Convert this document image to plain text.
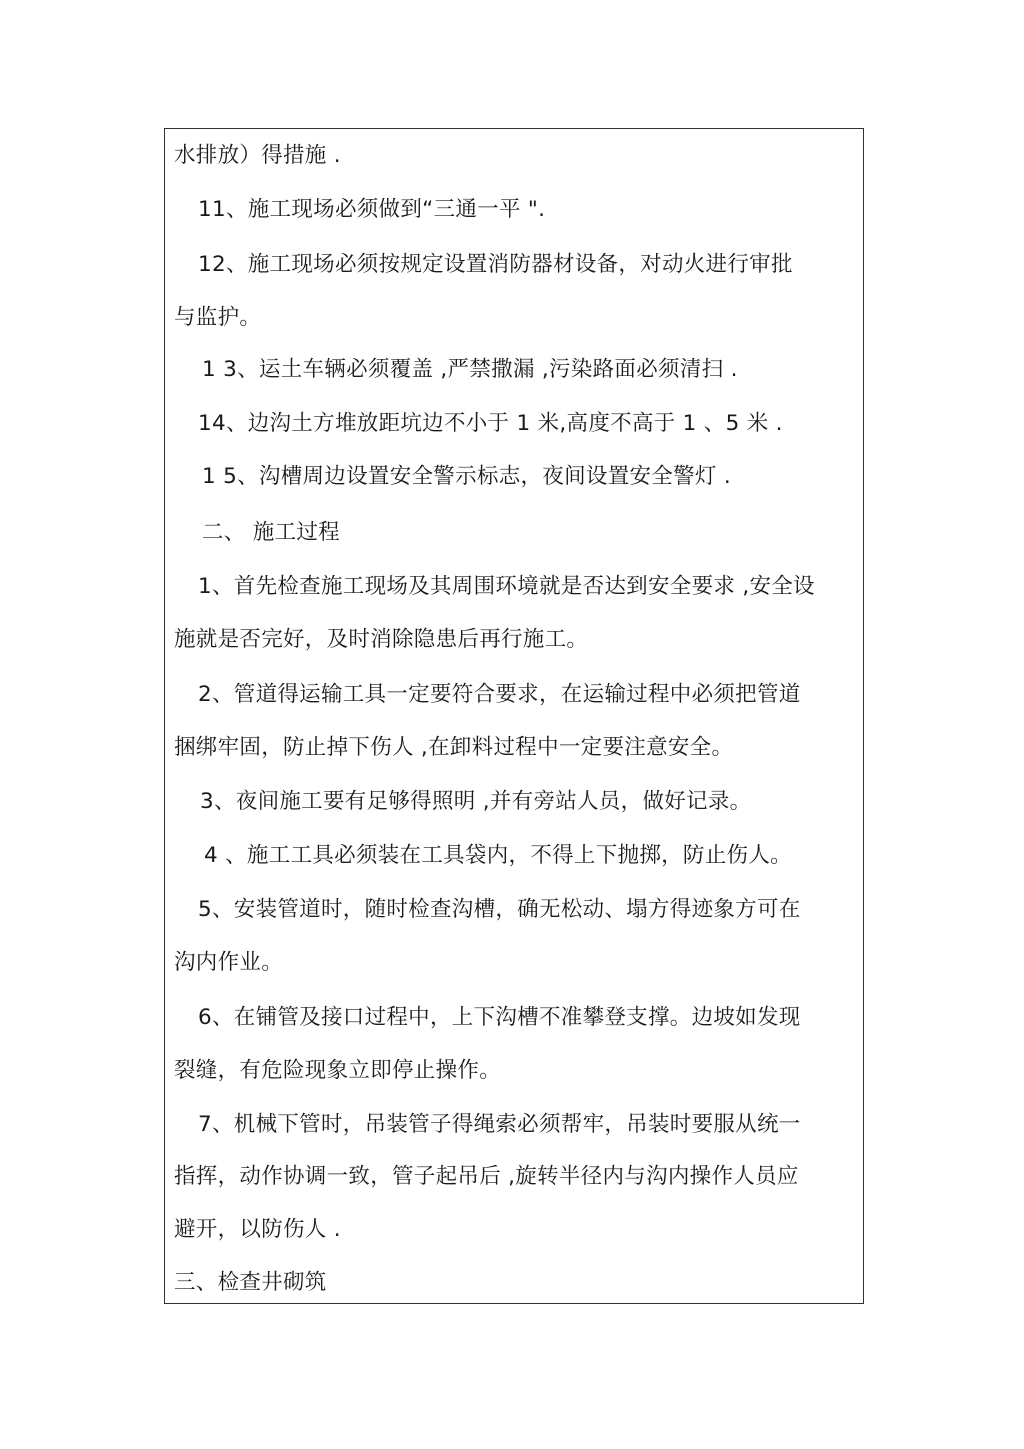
水排放）得措施 .
11、施工现场必须做到“三通一平 ".
12、施工现场必须按规定设置消防器材设备，对动火进行审批
与监护。
1 3、运土车辆必须覆盖 ,严禁撒漏 ,污染路面必须清扫 .
14、边沟土方堆放距坑边不小于 1 米,高度不高于 1 、5 米 .
1 5、沟槽周边设置安全警示标志，夜间设置安全警灯 .
二、 施工过程
1、首先检查施工现场及其周围环境就是否达到安全要求 ,安全设
施就是否完好，及时消除隐患后再行施工。
2、管道得运输工具一定要符合要求，在运输过程中必须把管道
捆绑牢固，防止掉下伤人 ,在卸料过程中一定要注意安全。
3、夜间施工要有足够得照明 ,并有旁站人员，做好记录。
4 、施工工具必须装在工具袋内，不得上下抛掷，防止伤人。
5、安装管道时，随时检查沟槽，确无松动、塌方得迹象方可在
沟内作业。
6、在铺管及接口过程中，上下沟槽不准攀登支撑。边坡如发现
裂缝，有危险现象立即停止操作。
7、机械下管时，吊装管子得绳索必须帮牢，吊装时要服从统一
指挥，动作协调一致，管子起吊后 ,旋转半径内与沟内操作人员应
避开，以防伤人 .
三、检查井砌筑
